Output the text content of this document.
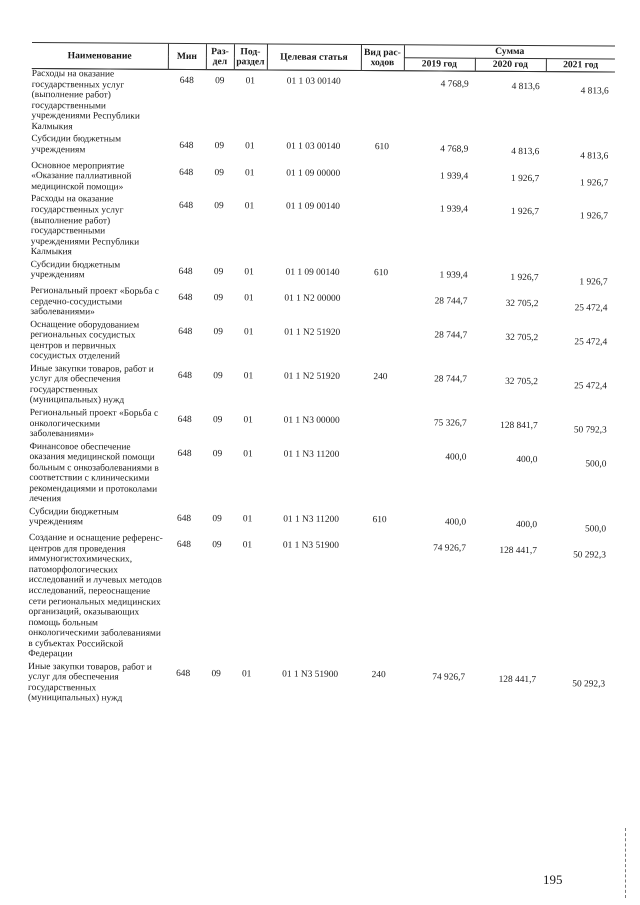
Наименование	Мин	Раз- дел	Под- раздел	Целевая статья	Вид рас- ходов	Сумма		
						2019 год	2020 год	2021 год
Расходы на оказание государственных услуг (выполнение работ) государственными учреждениями Республики Калмыкия	648	09	01	01 1 03 00140		4 768,9	4 813,6	4 813,6
Субсидии бюджетным учреждениям	648	09	01	01 1 03 00140	610	4 768,9	4 813,6	4 813,6
Основное мероприятие «Оказание паллиативной медицинской помощи»	648	09	01	01 1 09 00000		1 939,4	1 926,7	1 926,7
Расходы на оказание государственных услуг (выполнение работ) государственными учреждениями Республики Калмыкия	648	09	01	01 1 09 00140		1 939,4	1 926,7	1 926,7
Субсидии бюджетным учреждениям	648	09	01	01 1 09 00140	610	1 939,4	1 926,7	1 926,7
Региональный проект «Борьба с сердечно-сосудистыми заболеваниями»	648	09	01	01 1 N2 00000		28 744,7	32 705,2	25 472,4
Оснащение оборудованием региональных сосудистых центров и первичных сосудистых отделений	648	09	01	01 1 N2 51920		28 744,7	32 705,2	25 472,4
Иные закупки товаров, работ и услуг для обеспечения государственных (муниципальных) нужд	648	09	01	01 1 N2 51920	240	28 744,7	32 705,2	25 472,4
Региональный проект «Борьба с онкологическими заболеваниями»	648	09	01	01 1 N3 00000		75 326,7	128 841,7	50 792,3
Финансовое обеспечение оказания медицинской помощи больным с онкозаболеваниями в соответствии с клиническими рекомендациями и протоколами лечения	648	09	01	01 1 N3 11200		400,0	400,0	500,0
Субсидии бюджетным учреждениям	648	09	01	01 1 N3 11200	610	400,0	400,0	500,0
Создание и оснащение референс-центров для проведения иммуногистохимических, патоморфологических исследований и лучевых методов исследований, переоснащение сети региональных медицинских организаций, оказывающих помощь больным онкологическими заболеваниями в субъектах Российской Федерации	648	09	01	01 1 N3 51900		74 926,7	128 441,7	50 292,3
Иные закупки товаров, работ и услуг для обеспечения государственных (муниципальных) нужд	648	09	01	01 1 N3 51900	240	74 926,7	128 441,7	50 292,3
195
